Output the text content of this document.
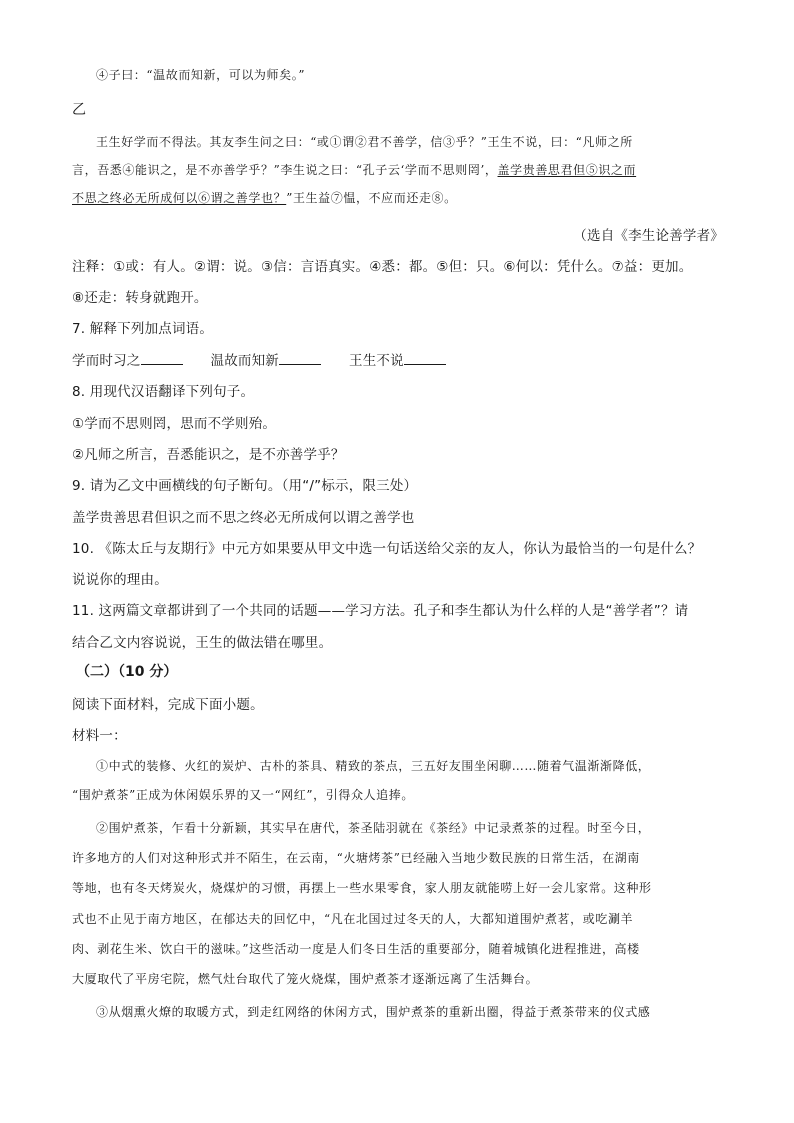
④子曰：“温故而知新，可以为师矣。”
乙
王生好学而不得法。其友李生问之曰：“或①谓②君不善学，信③乎？”王生不说，曰：“凡师之所
言，吾悉④能识之，是不亦善学乎？”李生说之曰：“孔子云‘学而不思则罔’，盖学贵善思君但⑤识之而
不思之终必无所成何以⑥谓之善学也？”王生益⑦愠，不应而还走⑧。
（选自《李生论善学者》
注释：①或：有人。②谓：说。③信：言语真实。④悉：都。⑤但：只。⑥何以：凭什么。⑦益：更加。
⑧还走：转身就跑开。
7. 解释下列加点词语。
学而时习之	温故而知新	王生不说
8. 用现代汉语翻译下列句子。
①学而不思则罔，思而不学则殆。
②凡师之所言，吾悉能识之，是不亦善学乎？
9. 请为乙文中画横线的句子断句。（用“/”标示，限三处）
盖学贵善思君但识之而不思之终必无所成何以谓之善学也
10. 《陈太丘与友期行》中元方如果要从甲文中选一句话送给父亲的友人，你认为最恰当的一句是什么？
说说你的理由。
11. 这两篇文章都讲到了一个共同的话题——学习方法。孔子和李生都认为什么样的人是“善学者”？请
结合乙文内容说说，王生的做法错在哪里。
（二）（10 分）
阅读下面材料，完成下面小题。
材料一：
①中式的装修、火红的炭炉、古朴的茶具、精致的茶点，三五好友围坐闲聊……随着气温渐渐降低，
“围炉煮茶”正成为休闲娱乐界的又一“网红”，引得众人追捧。
②围炉煮茶，乍看十分新颖，其实早在唐代，茶圣陆羽就在《茶经》中记录煮茶的过程。时至今日，
许多地方的人们对这种形式并不陌生，在云南，“火塘烤茶”已经融入当地少数民族的日常生活，在湖南
等地，也有冬天烤炭火，烧煤炉的习惯，再摆上一些水果零食，家人朋友就能唠上好一会儿家常。这种形
式也不止见于南方地区，在郁达夫的回忆中，“凡在北国过过冬天的人，大都知道围炉煮茗，或吃涮羊
肉、剥花生米、饮白干的滋味。”这些活动一度是人们冬日生活的重要部分，随着城镇化进程推进，高楼
大厦取代了平房宅院，燃气灶台取代了笼火烧煤，围炉煮茶才逐渐远离了生活舞台。
③从烟熏火燎的取暖方式，到走红网络的休闲方式，围炉煮茶的重新出圈，得益于煮茶带来的仪式感
